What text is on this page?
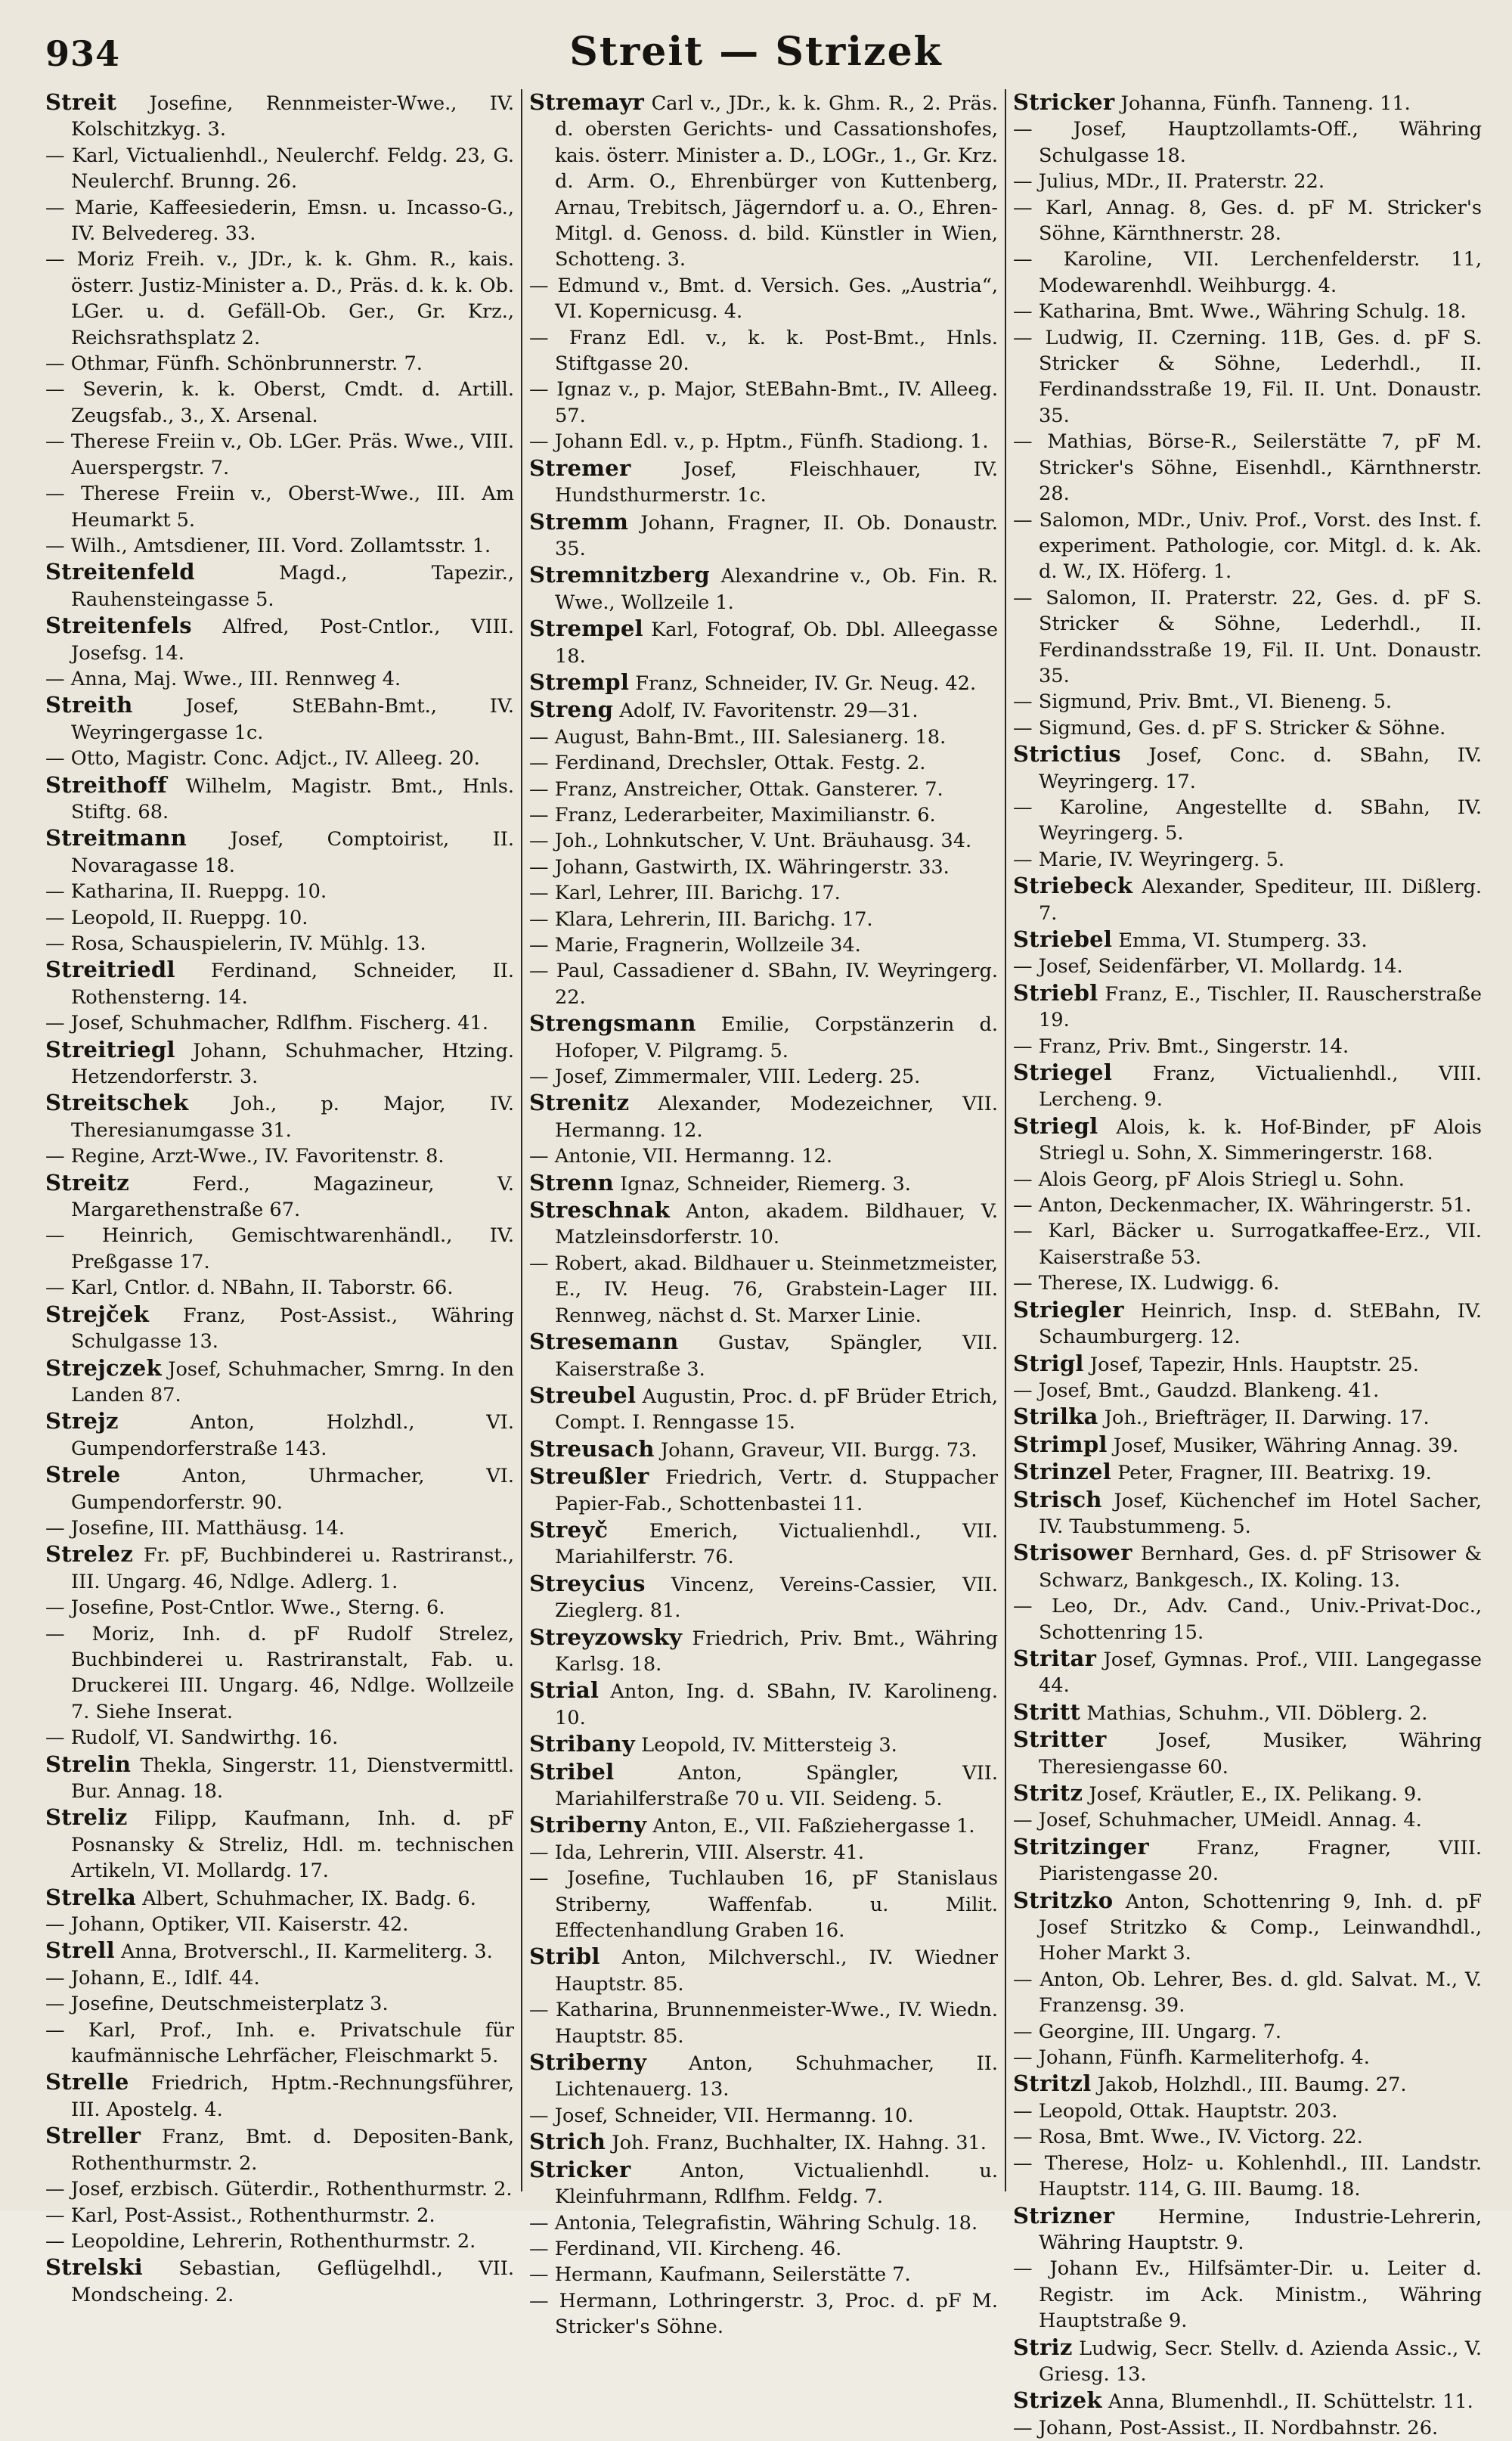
934	Streit — Strizek

Streit Josefine, Rennmeister-Wwe., IV. Kolschitzkyg. 3.

— Karl, Victualienhdl., Neulerchf. Feldg. 23, G. Neulerchf. Brunng. 26.

— Marie, Kaffeesiederin, Emsn. u. Incasso-G., IV. Belvedereg. 33.

— Moriz Freih. v., JDr., k. k. Ghm. R., kais. österr. Justiz-Minister a. D., Präs. d. k. k. Ob. LGer. u. d. Gefäll-Ob. Ger., Gr. Krz., Reichsrathsplatz 2.

— Othmar, Fünfh. Schönbrunnerstr. 7.

— Severin, k. k. Oberst, Cmdt. d. Artill. Zeugsfab., 3., X. Arsenal.

— Therese Freiin v., Ob. LGer. Präs. Wwe., VIII. Auerspergstr. 7.

— Therese Freiin v., Oberst-Wwe., III. Am Heumarkt 5.

— Wilh., Amtsdiener, III. Vord. Zollamtsstr. 1.

Streitenfeld Magd., Tapezir., Rauhensteingasse 5.

Streitenfels Alfred, Post-Cntlor., VIII. Josefsg. 14.

— Anna, Maj. Wwe., III. Rennweg 4.

Streith Josef, StEBahn-Bmt., IV. Weyringergasse 1c.

— Otto, Magistr. Conc. Adjct., IV. Alleeg. 20.

Streithoff Wilhelm, Magistr. Bmt., Hnls. Stiftg. 68.

Streitmann Josef, Comptoirist, II. Novaragasse 18.

— Katharina, II. Rueppg. 10.

— Leopold, II. Rueppg. 10.

— Rosa, Schauspielerin, IV. Mühlg. 13.

Streitriedl Ferdinand, Schneider, II. Rothensterng. 14.

— Josef, Schuhmacher, Rdlfhm. Fischerg. 41.

Streitriegl Johann, Schuhmacher, Htzing. Hetzendorferstr. 3.

Streitschek Joh., p. Major, IV. Theresianumgasse 31.

— Regine, Arzt-Wwe., IV. Favoritenstr. 8.

Streitz Ferd., Magazineur, V. Margarethenstraße 67.

— Heinrich, Gemischtwarenhändl., IV. Preßgasse 17.

— Karl, Cntlor. d. NBahn, II. Taborstr. 66.

Strejček Franz, Post-Assist., Währing Schulgasse 13.

Strejczek Josef, Schuhmacher, Smrng. In den Landen 87.

Strejz Anton, Holzhdl., VI. Gumpendorferstraße 143.

Strele Anton, Uhrmacher, VI. Gumpendorferstr. 90.

— Josefine, III. Matthäusg. 14.

Strelez Fr. pF, Buchbinderei u. Rastriranst., III. Ungarg. 46, Ndlge. Adlerg. 1.

— Josefine, Post-Cntlor. Wwe., Sterng. 6.

— Moriz, Inh. d. pF Rudolf Strelez, Buchbinderei u. Rastriranstalt, Fab. u. Druckerei III. Ungarg. 46, Ndlge. Wollzeile 7. Siehe Inserat.

— Rudolf, VI. Sandwirthg. 16.

Strelin Thekla, Singerstr. 11, Dienstvermittl. Bur. Annag. 18.

Streliz Filipp, Kaufmann, Inh. d. pF Posnansky & Streliz, Hdl. m. technischen Artikeln, VI. Mollardg. 17.

Strelka Albert, Schuhmacher, IX. Badg. 6.

— Johann, Optiker, VII. Kaiserstr. 42.

Strell Anna, Brotverschl., II. Karmeliterg. 3.

— Johann, E., Idlf. 44.

— Josefine, Deutschmeisterplatz 3.

— Karl, Prof., Inh. e. Privatschule für kaufmännische Lehrfächer, Fleischmarkt 5.

Strelle Friedrich, Hptm.-Rechnungsführer, III. Apostelg. 4.

Streller Franz, Bmt. d. Depositen-Bank, Rothenthurmstr. 2.

— Josef, erzbisch. Güterdir., Rothenthurmstr. 2.

— Karl, Post-Assist., Rothenthurmstr. 2.

— Leopoldine, Lehrerin, Rothenthurmstr. 2.

Strelski Sebastian, Geflügelhdl., VII. Mondscheing. 2.

Stremayr Carl v., JDr., k. k. Ghm. R., 2. Präs. d. obersten Gerichts- und Cassationshofes, kais. österr. Minister a. D., LOGr., 1., Gr. Krz. d. Arm. O., Ehrenbürger von Kuttenberg, Arnau, Trebitsch, Jägerndorf u. a. O., Ehren-Mitgl. d. Genoss. d. bild. Künstler in Wien, Schotteng. 3.

— Edmund v., Bmt. d. Versich. Ges. „Austria“, VI. Kopernicusg. 4.

— Franz Edl. v., k. k. Post-Bmt., Hnls. Stiftgasse 20.

— Ignaz v., p. Major, StEBahn-Bmt., IV. Alleeg. 57.

— Johann Edl. v., p. Hptm., Fünfh. Stadiong. 1.

Stremer Josef, Fleischhauer, IV. Hundsthurmerstr. 1c.

Stremm Johann, Fragner, II. Ob. Donaustr. 35.

Stremnitzberg Alexandrine v., Ob. Fin. R. Wwe., Wollzeile 1.

Strempel Karl, Fotograf, Ob. Dbl. Alleegasse 18.

Strempl Franz, Schneider, IV. Gr. Neug. 42.

Streng Adolf, IV. Favoritenstr. 29—31.

— August, Bahn-Bmt., III. Salesianerg. 18.

— Ferdinand, Drechsler, Ottak. Festg. 2.

— Franz, Anstreicher, Ottak. Gansterer. 7.

— Franz, Lederarbeiter, Maximilianstr. 6.

— Joh., Lohnkutscher, V. Unt. Bräuhausg. 34.

— Johann, Gastwirth, IX. Währingerstr. 33.

— Karl, Lehrer, III. Barichg. 17.

— Klara, Lehrerin, III. Barichg. 17.

— Marie, Fragnerin, Wollzeile 34.

— Paul, Cassadiener d. SBahn, IV. Weyringerg. 22.

Strengsmann Emilie, Corpstänzerin d. Hofoper, V. Pilgramg. 5.

— Josef, Zimmermaler, VIII. Lederg. 25.

Strenitz Alexander, Modezeichner, VII. Hermanng. 12.

— Antonie, VII. Hermanng. 12.

Strenn Ignaz, Schneider, Riemerg. 3.

Streschnak Anton, akadem. Bildhauer, V. Matzleinsdorferstr. 10.

— Robert, akad. Bildhauer u. Steinmetzmeister, E., IV. Heug. 76, Grabstein-Lager III. Rennweg, nächst d. St. Marxer Linie.

Stresemann Gustav, Spängler, VII. Kaiserstraße 3.

Streubel Augustin, Proc. d. pF Brüder Etrich, Compt. I. Renngasse 15.

Streusach Johann, Graveur, VII. Burgg. 73.

Streußler Friedrich, Vertr. d. Stuppacher Papier-Fab., Schottenbastei 11.

Streyč Emerich, Victualienhdl., VII. Mariahilferstr. 76.

Streycius Vincenz, Vereins-Cassier, VII. Zieglerg. 81.

Streyzowsky Friedrich, Priv. Bmt., Währing Karlsg. 18.

Strial Anton, Ing. d. SBahn, IV. Karolineng. 10.

Stribany Leopold, IV. Mittersteig 3.

Stribel Anton, Spängler, VII. Mariahilferstraße 70 u. VII. Seideng. 5.

Striberny Anton, E., VII. Faßziehergasse 1.

— Ida, Lehrerin, VIII. Alserstr. 41.

— Josefine, Tuchlauben 16, pF Stanislaus Striberny, Waffenfab. u. Milit. Effectenhandlung Graben 16.

Stribl Anton, Milchverschl., IV. Wiedner Hauptstr. 85.

— Katharina, Brunnenmeister-Wwe., IV. Wiedn. Hauptstr. 85.

Striberny Anton, Schuhmacher, II. Lichtenauerg. 13.

— Josef, Schneider, VII. Hermanng. 10.

Strich Joh. Franz, Buchhalter, IX. Hahng. 31.

Stricker Anton, Victualienhdl. u. Kleinfuhrmann, Rdlfhm. Feldg. 7.

— Antonia, Telegrafistin, Währing Schulg. 18.

— Ferdinand, VII. Kircheng. 46.

— Hermann, Kaufmann, Seilerstätte 7.

— Hermann, Lothringerstr. 3, Proc. d. pF M. Stricker's Söhne.

Stricker Johanna, Fünfh. Tanneng. 11.

— Josef, Hauptzollamts-Off., Währing Schulgasse 18.

— Julius, MDr., II. Praterstr. 22.

— Karl, Annag. 8, Ges. d. pF M. Stricker's Söhne, Kärnthnerstr. 28.

— Karoline, VII. Lerchenfelderstr. 11, Modewarenhdl. Weihburgg. 4.

— Katharina, Bmt. Wwe., Währing Schulg. 18.

— Ludwig, II. Czerning. 11B, Ges. d. pF S. Stricker & Söhne, Lederhdl., II. Ferdinandsstraße 19, Fil. II. Unt. Donaustr. 35.

— Mathias, Börse-R., Seilerstätte 7, pF M. Stricker's Söhne, Eisenhdl., Kärnthnerstr. 28.

— Salomon, MDr., Univ. Prof., Vorst. des Inst. f. experiment. Pathologie, cor. Mitgl. d. k. Ak. d. W., IX. Höferg. 1.

— Salomon, II. Praterstr. 22, Ges. d. pF S. Stricker & Söhne, Lederhdl., II. Ferdinandsstraße 19, Fil. II. Unt. Donaustr. 35.

— Sigmund, Priv. Bmt., VI. Bieneng. 5.

— Sigmund, Ges. d. pF S. Stricker & Söhne.

Strictius Josef, Conc. d. SBahn, IV. Weyringerg. 17.

— Karoline, Angestellte d. SBahn, IV. Weyringerg. 5.

— Marie, IV. Weyringerg. 5.

Striebeck Alexander, Spediteur, III. Dißlerg. 7.

Striebel Emma, VI. Stumperg. 33.

— Josef, Seidenfärber, VI. Mollardg. 14.

Striebl Franz, E., Tischler, II. Rauscherstraße 19.

— Franz, Priv. Bmt., Singerstr. 14.

Striegel Franz, Victualienhdl., VIII. Lercheng. 9.

Striegl Alois, k. k. Hof-Binder, pF Alois Striegl u. Sohn, X. Simmeringerstr. 168.

— Alois Georg, pF Alois Striegl u. Sohn.

— Anton, Deckenmacher, IX. Währingerstr. 51.

— Karl, Bäcker u. Surrogatkaffee-Erz., VII. Kaiserstraße 53.

— Therese, IX. Ludwigg. 6.

Striegler Heinrich, Insp. d. StEBahn, IV. Schaumburgerg. 12.

Strigl Josef, Tapezir, Hnls. Hauptstr. 25.

— Josef, Bmt., Gaudzd. Blankeng. 41.

Strilka Joh., Briefträger, II. Darwing. 17.

Strimpl Josef, Musiker, Währing Annag. 39.

Strinzel Peter, Fragner, III. Beatrixg. 19.

Strisch Josef, Küchenchef im Hotel Sacher, IV. Taubstummeng. 5.

Strisower Bernhard, Ges. d. pF Strisower & Schwarz, Bankgesch., IX. Koling. 13.

— Leo, Dr., Adv. Cand., Univ.-Privat-Doc., Schottenring 15.

Stritar Josef, Gymnas. Prof., VIII. Langegasse 44.

Stritt Mathias, Schuhm., VII. Döblerg. 2.

Stritter Josef, Musiker, Währing Theresiengasse 60.

Stritz Josef, Kräutler, E., IX. Pelikang. 9.

— Josef, Schuhmacher, UMeidl. Annag. 4.

Stritzinger Franz, Fragner, VIII. Piaristengasse 20.

Stritzko Anton, Schottenring 9, Inh. d. pF Josef Stritzko & Comp., Leinwandhdl., Hoher Markt 3.

— Anton, Ob. Lehrer, Bes. d. gld. Salvat. M., V. Franzensg. 39.

— Georgine, III. Ungarg. 7.

— Johann, Fünfh. Karmeliterhofg. 4.

Stritzl Jakob, Holzhdl., III. Baumg. 27.

— Leopold, Ottak. Hauptstr. 203.

— Rosa, Bmt. Wwe., IV. Victorg. 22.

— Therese, Holz- u. Kohlenhdl., III. Landstr. Hauptstr. 114, G. III. Baumg. 18.

Strizner Hermine, Industrie-Lehrerin, Währing Hauptstr. 9.

— Johann Ev., Hilfsämter-Dir. u. Leiter d. Registr. im Ack. Ministm., Währing Hauptstraße 9.

Striz Ludwig, Secr. Stellv. d. Azienda Assic., V. Griesg. 13.

Strizek Anna, Blumenhdl., II. Schüttelstr. 11.

— Johann, Post-Assist., II. Nordbahnstr. 26.
